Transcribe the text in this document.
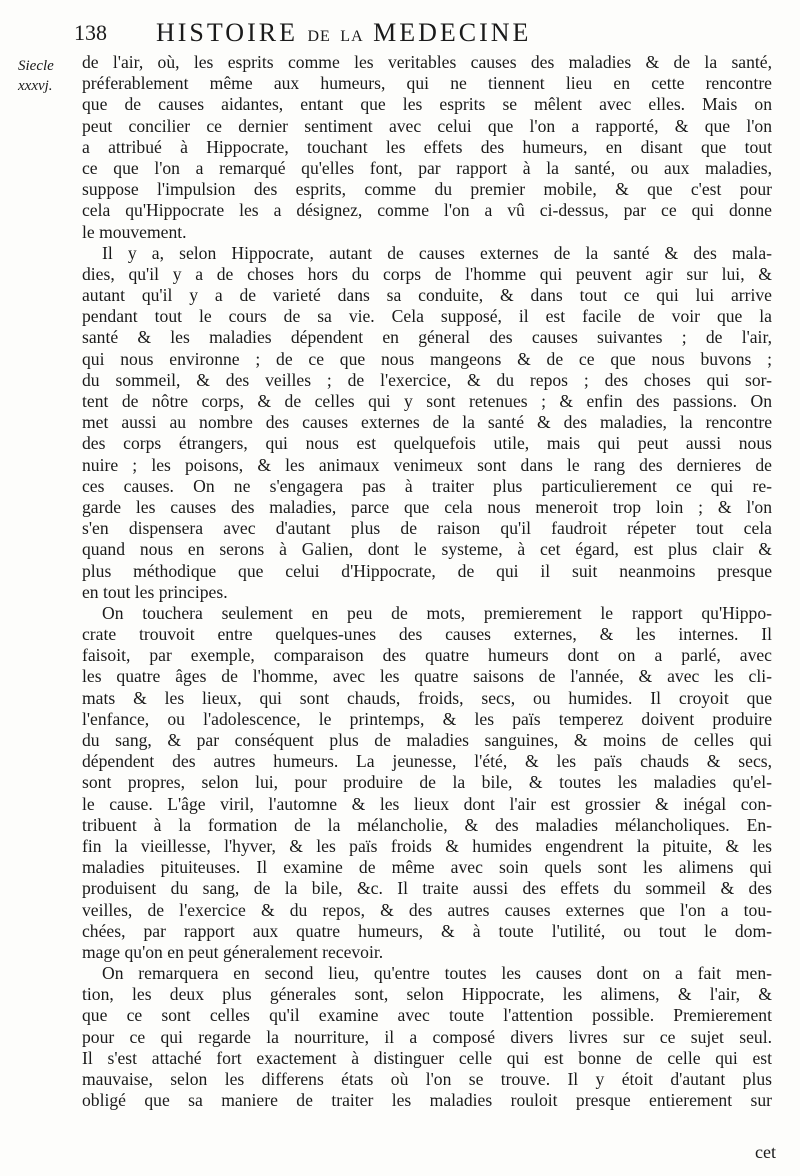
138 HISTOIRE DE LA MEDECINE
Siecle
xxxvj.
de l'air, où, les esprits comme les veritables causes des maladies & de la santé,
préferablement même aux humeurs, qui ne tiennent lieu en cette rencontre
que de causes aidantes, entant que les esprits se mêlent avec elles. Mais on
peut concilier ce dernier sentiment avec celui que l'on a rapporté, & que l'on
a attribué à Hippocrate, touchant les effets des humeurs, en disant que tout
ce que l'on a remarqué qu'elles font, par rapport à la santé, ou aux maladies,
suppose l'impulsion des esprits, comme du premier mobile, & que c'est pour
cela qu'Hippocrate les a désignez, comme l'on a vû ci-dessus, par ce qui donne
le mouvement.
Il y a, selon Hippocrate, autant de causes externes de la santé & des mala-
dies, qu'il y a de choses hors du corps de l'homme qui peuvent agir sur lui, &
autant qu'il y a de varieté dans sa conduite, & dans tout ce qui lui arrive
pendant tout le cours de sa vie. Cela supposé, il est facile de voir que la
santé & les maladies dépendent en géneral des causes suivantes ; de l'air,
qui nous environne ; de ce que nous mangeons & de ce que nous buvons ;
du sommeil, & des veilles ; de l'exercice, & du repos ; des choses qui sor-
tent de nôtre corps, & de celles qui y sont retenues ; & enfin des passions. On
met aussi au nombre des causes externes de la santé & des maladies, la rencontre
des corps étrangers, qui nous est quelquefois utile, mais qui peut aussi nous
nuire ; les poisons, & les animaux venimeux sont dans le rang des dernieres de
ces causes. On ne s'engagera pas à traiter plus particulierement ce qui re-
garde les causes des maladies, parce que cela nous meneroit trop loin ; & l'on
s'en dispensera avec d'autant plus de raison qu'il faudroit répeter tout cela
quand nous en serons à Galien, dont le systeme, à cet égard, est plus clair &
plus méthodique que celui d'Hippocrate, de qui il suit neanmoins presque
en tout les principes.
On touchera seulement en peu de mots, premierement le rapport qu'Hippo-
crate trouvoit entre quelques-unes des causes externes, & les internes. Il
faisoit, par exemple, comparaison des quatre humeurs dont on a parlé, avec
les quatre âges de l'homme, avec les quatre saisons de l'année, & avec les cli-
mats & les lieux, qui sont chauds, froids, secs, ou humides. Il croyoit que
l'enfance, ou l'adolescence, le printemps, & les païs temperez doivent produire
du sang, & par conséquent plus de maladies sanguines, & moins de celles qui
dépendent des autres humeurs. La jeunesse, l'été, & les païs chauds & secs,
sont propres, selon lui, pour produire de la bile, & toutes les maladies qu'el-
le cause. L'âge viril, l'automne & les lieux dont l'air est grossier & inégal con-
tribuent à la formation de la mélancholie, & des maladies mélancholiques. En-
fin la vieillesse, l'hyver, & les païs froids & humides engendrent la pituite, & les
maladies pituiteuses. Il examine de même avec soin quels sont les alimens qui
produisent du sang, de la bile, &c. Il traite aussi des effets du sommeil & des
veilles, de l'exercice & du repos, & des autres causes externes que l'on a tou-
chées, par rapport aux quatre humeurs, & à toute l'utilité, ou tout le dom-
mage qu'on en peut géneralement recevoir.
On remarquera en second lieu, qu'entre toutes les causes dont on a fait men-
tion, les deux plus génerales sont, selon Hippocrate, les alimens, & l'air, &
que ce sont celles qu'il examine avec toute l'attention possible. Premierement
pour ce qui regarde la nourriture, il a composé divers livres sur ce sujet seul.
Il s'est attaché fort exactement à distinguer celle qui est bonne de celle qui est
mauvaise, selon les differens états où l'on se trouve. Il y étoit d'autant plus
obligé que sa maniere de traiter les maladies rouloit presque entierement sur
cet
